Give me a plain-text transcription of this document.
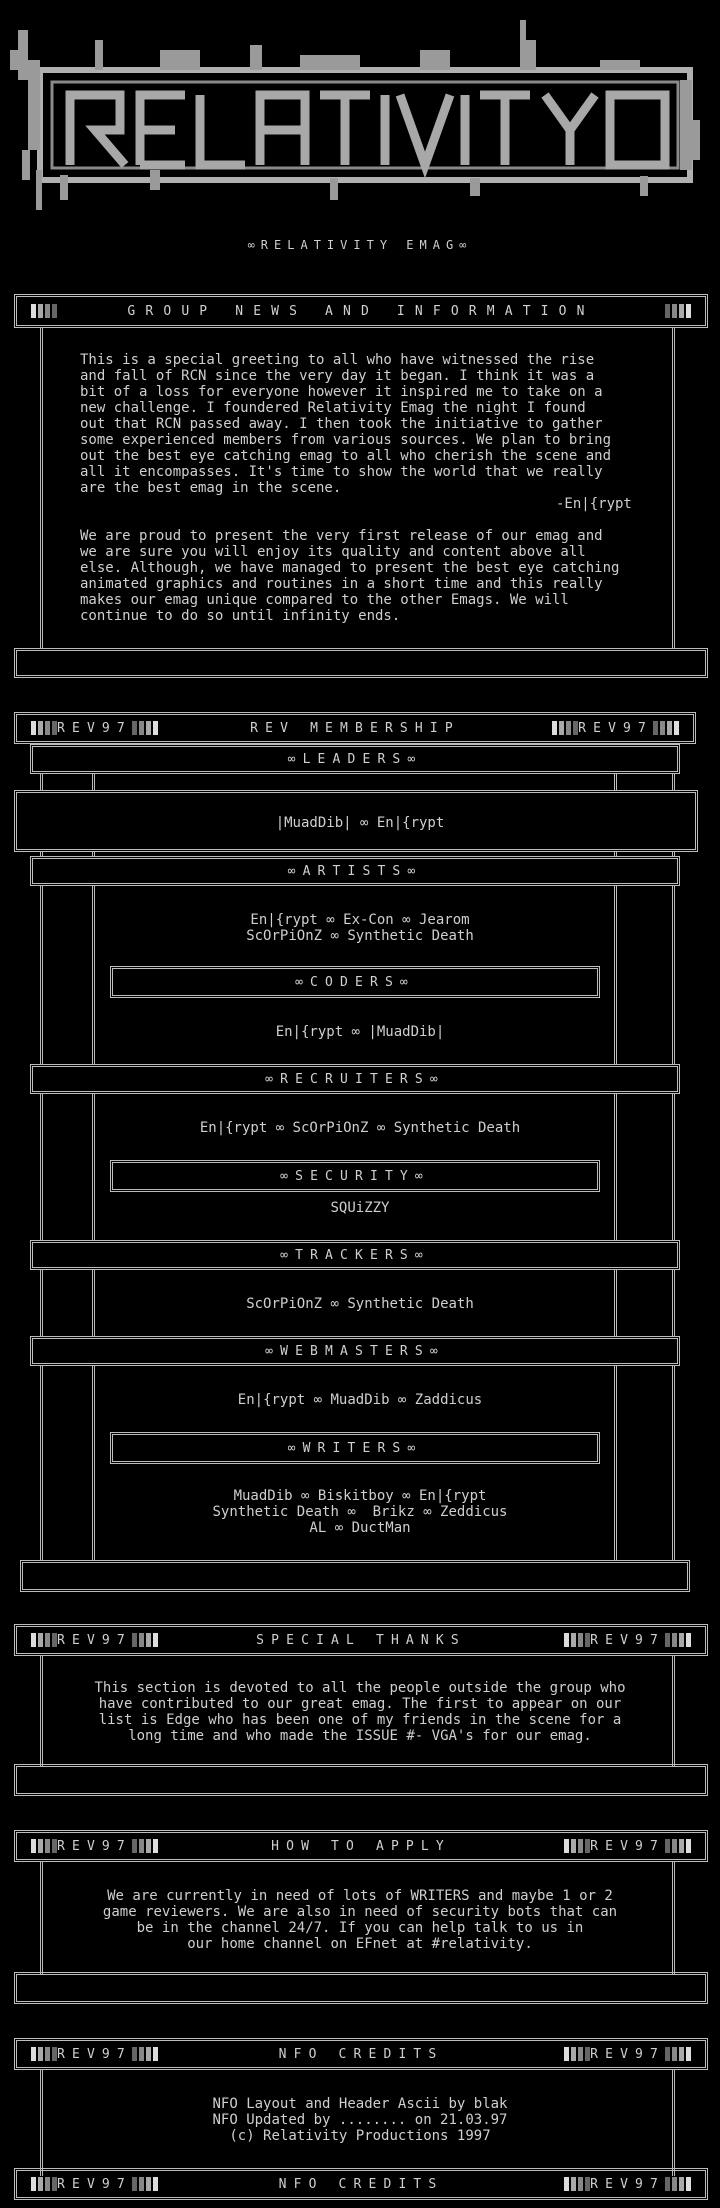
RELATIVITY
∞RELATIVITY EMAG∞
GROUP NEWS AND INFORMATION
This is a special greeting to all who have witnessed the rise
and fall of RCN since the very day it began. I think it was a
bit of a loss for everyone however it inspired me to take on a
new challenge. I foundered Relativity Emag the night I found
out that RCN passed away. I then took the initiative to gather
some experienced members from various sources. We plan to bring
out the best eye catching emag to all who cherish the scene and
all it encompasses. It's time to show the world that we really
are the best emag in the scene.
-En|{rypt
We are proud to present the very first release of our emag and
we are sure you will enjoy its quality and content above all
else. Although, we have managed to present the best eye catching
animated graphics and routines in a short time and this really
makes our emag unique compared to the other Emags. We will
continue to do so until infinity ends.
REV97	REV MEMBERSHIP	REV97
∞LEADERS∞
|MuadDib| ∞ En|{rypt
∞ARTISTS∞
En|{rypt ∞ Ex-Con ∞ Jearom
ScOrPiOnZ ∞ Synthetic Death
∞CODERS∞
En|{rypt ∞ |MuadDib|
∞RECRUITERS∞
En|{rypt ∞ ScOrPiOnZ ∞ Synthetic Death
∞SECURITY∞
SQUiZZY
∞TRACKERS∞
ScOrPiOnZ ∞ Synthetic Death
∞WEBMASTERS∞
En|{rypt ∞ MuadDib ∞ Zaddicus
∞WRITERS∞
MuadDib ∞ Biskitboy ∞ En|{rypt
Synthetic Death ∞  Brikz ∞ Zeddicus
AL ∞ DuctMan
REV97	SPECIAL THANKS	REV97
This section is devoted to all the people outside the group who
have contributed to our great emag. The first to appear on our
list is Edge who has been one of my friends in the scene for a
long time and who made the ISSUE #- VGA's for our emag.
REV97	HOW TO APPLY	REV97
We are currently in need of lots of WRITERS and maybe 1 or 2
game reviewers. We are also in need of security bots that can
be in the channel 24/7. If you can help talk to us in
our home channel on EFnet at #relativity.
REV97	NFO CREDITS	REV97
NFO Layout and Header Ascii by blak
NFO Updated by ........ on 21.03.97
(c) Relativity Productions 1997
REV97	NFO CREDITS	REV97
